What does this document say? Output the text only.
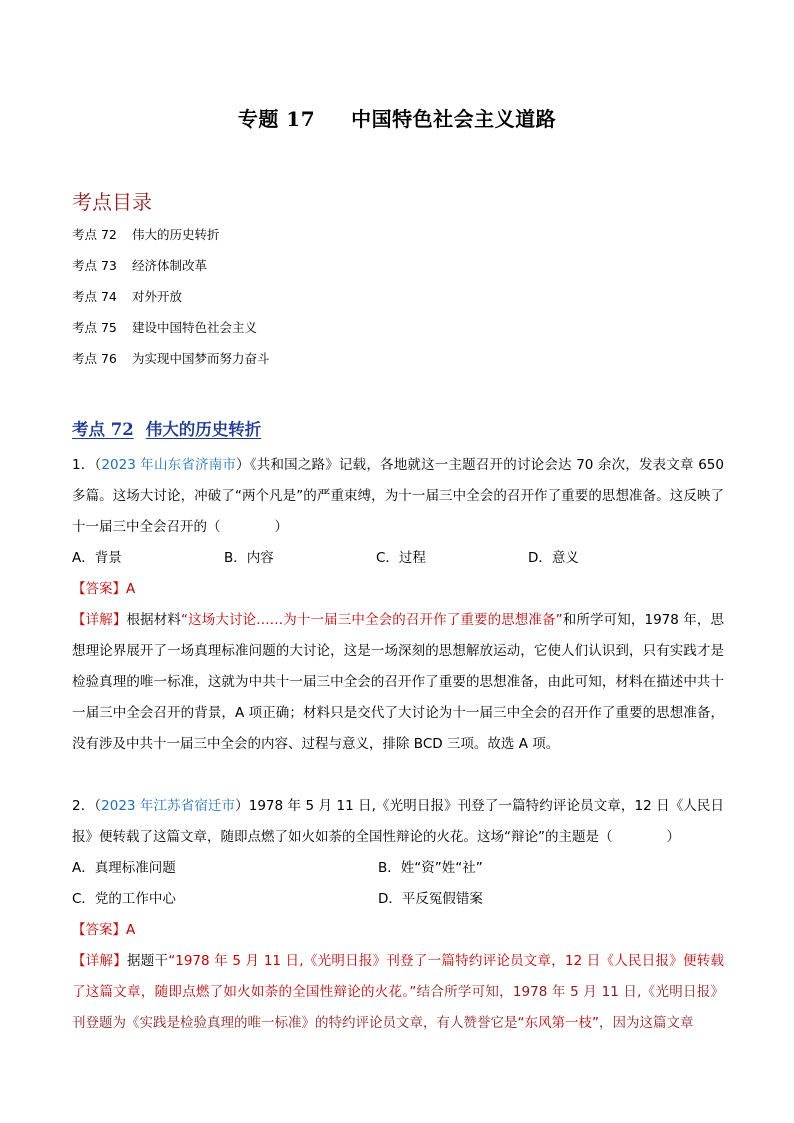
专题 17 中国特色社会主义道路
考点目录
考点 72 伟大的历史转折
考点 73 经济体制改革
考点 74 对外开放
考点 75 建设中国特色社会主义
考点 76 为实现中国梦而努力奋斗
考点 72 伟大的历史转折
1．（2023 年山东省济南市）《共和国之路》记载，各地就这一主题召开的讨论会达 70 余次，发表文章 650 多篇。这场大讨论，冲破了“两个凡是”的严重束缚，为十一届三中全会的召开作了重要的思想准备。这反映了十一届三中全会召开的（　　　　）
A．背景	B．内容	C．过程	D．意义
【答案】A
【详解】根据材料“这场大讨论……为十一届三中全会的召开作了重要的思想准备”和所学可知，1978 年，思想理论界展开了一场真理标准问题的大讨论，这是一场深刻的思想解放运动，它使人们认识到，只有实践才是检验真理的唯一标准，这就为中共十一届三中全会的召开作了重要的思想准备，由此可知，材料在描述中共十一届三中全会召开的背景，A 项正确；材料只是交代了大讨论为十一届三中全会的召开作了重要的思想准备，没有涉及中共十一届三中全会的内容、过程与意义，排除 BCD 三项。故选 A 项。
2．（2023 年江苏省宿迁市）1978 年 5 月 11 日,《光明日报》刊登了一篇特约评论员文章，12 日《人民日报》便转载了这篇文章，随即点燃了如火如荼的全国性辩论的火花。这场“辩论”的主题是（　　　　）
A．真理标准问题	B．姓“资”姓“社”
C．党的工作中心	D．平反冤假错案
【答案】A
【详解】据题干“1978 年 5 月 11 日,《光明日报》刊登了一篇特约评论员文章，12 日《人民日报》便转载了这篇文章，随即点燃了如火如荼的全国性辩论的火花。”结合所学可知，1978 年 5 月 11 日,《光明日报》刊登题为《实践是检验真理的唯一标准》的特约评论员文章，有人赞誉它是“东风第一枝”，因为这篇文章
